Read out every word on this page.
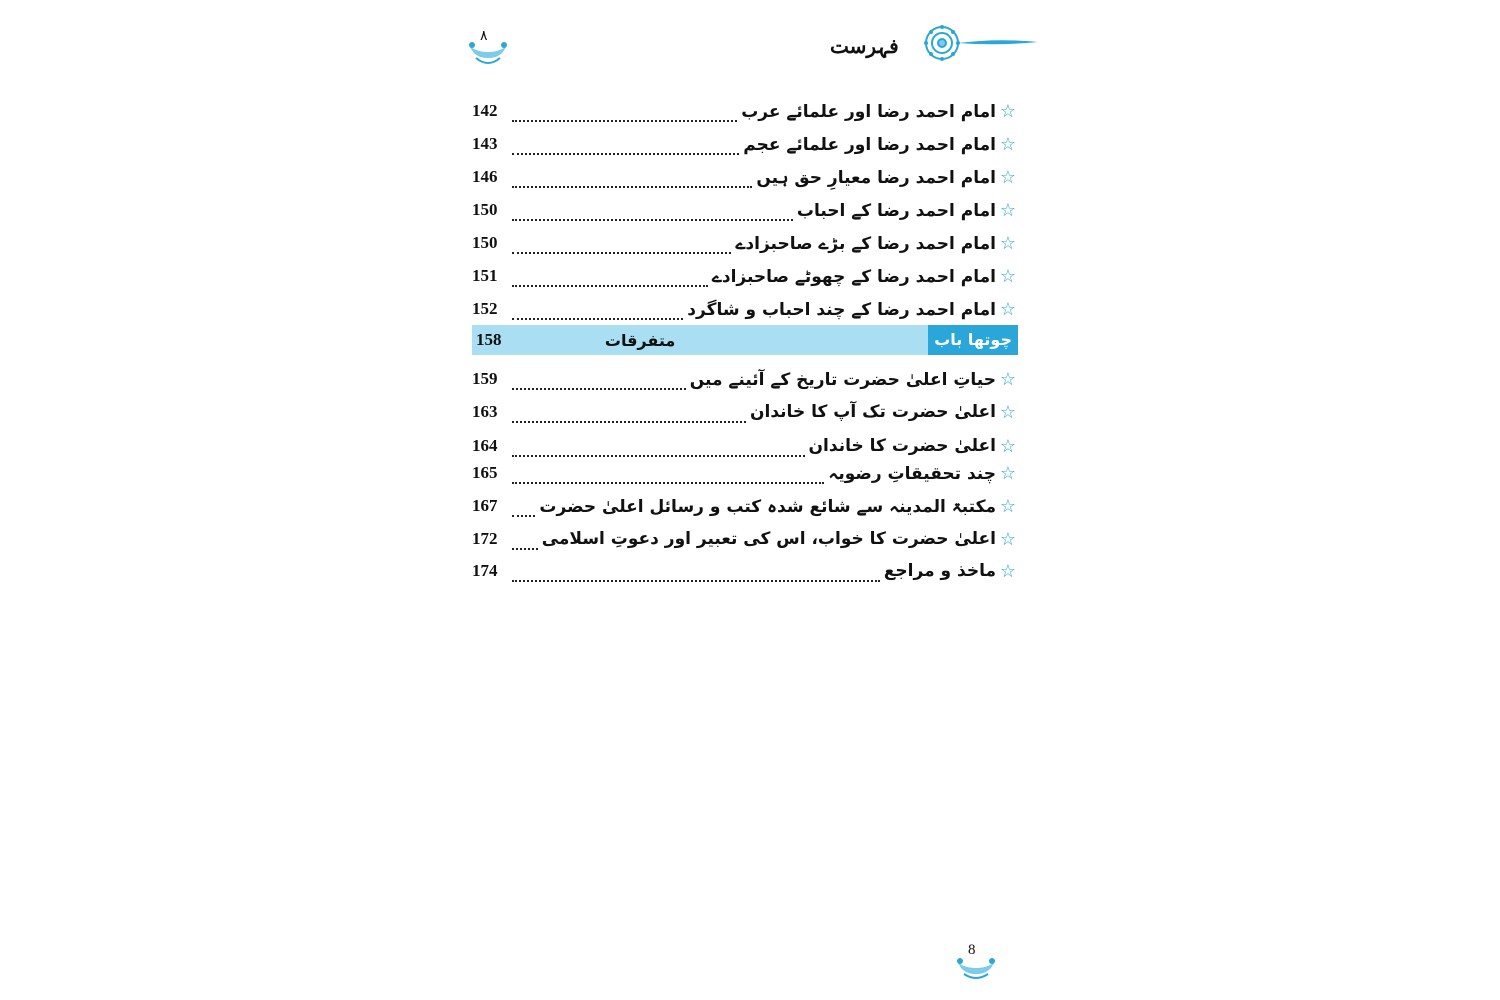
۸	فہرست
☆
امام احمد رضا اور علمائے عرب
142
☆
امام احمد رضا اور علمائے عجم
143
☆
امام احمد رضا معیارِ حق ہیں
146
☆
امام احمد رضا کے احباب
150
☆
امام احمد رضا کے بڑے صاحبزادے
150
☆
امام احمد رضا کے چھوٹے صاحبزادے
151
☆
امام احمد رضا کے چند احباب و شاگرد
152
چوتھا باب
متفرقات
158
☆
حیاتِ اعلیٰ حضرت تاریخ کے آئینے میں
159
☆
اعلیٰ حضرت تک آپ کا خاندان
163
☆
اعلیٰ حضرت کا خاندان
164
☆
چند تحقیقاتِ رضویہ
165
☆
مکتبۃ المدینہ سے شائع شدہ کتب و رسائل اعلیٰ حضرت
167
☆
اعلیٰ حضرت کا خواب، اس کی تعبیر اور دعوتِ اسلامی
172
☆
ماخذ و مراجع
174
8
